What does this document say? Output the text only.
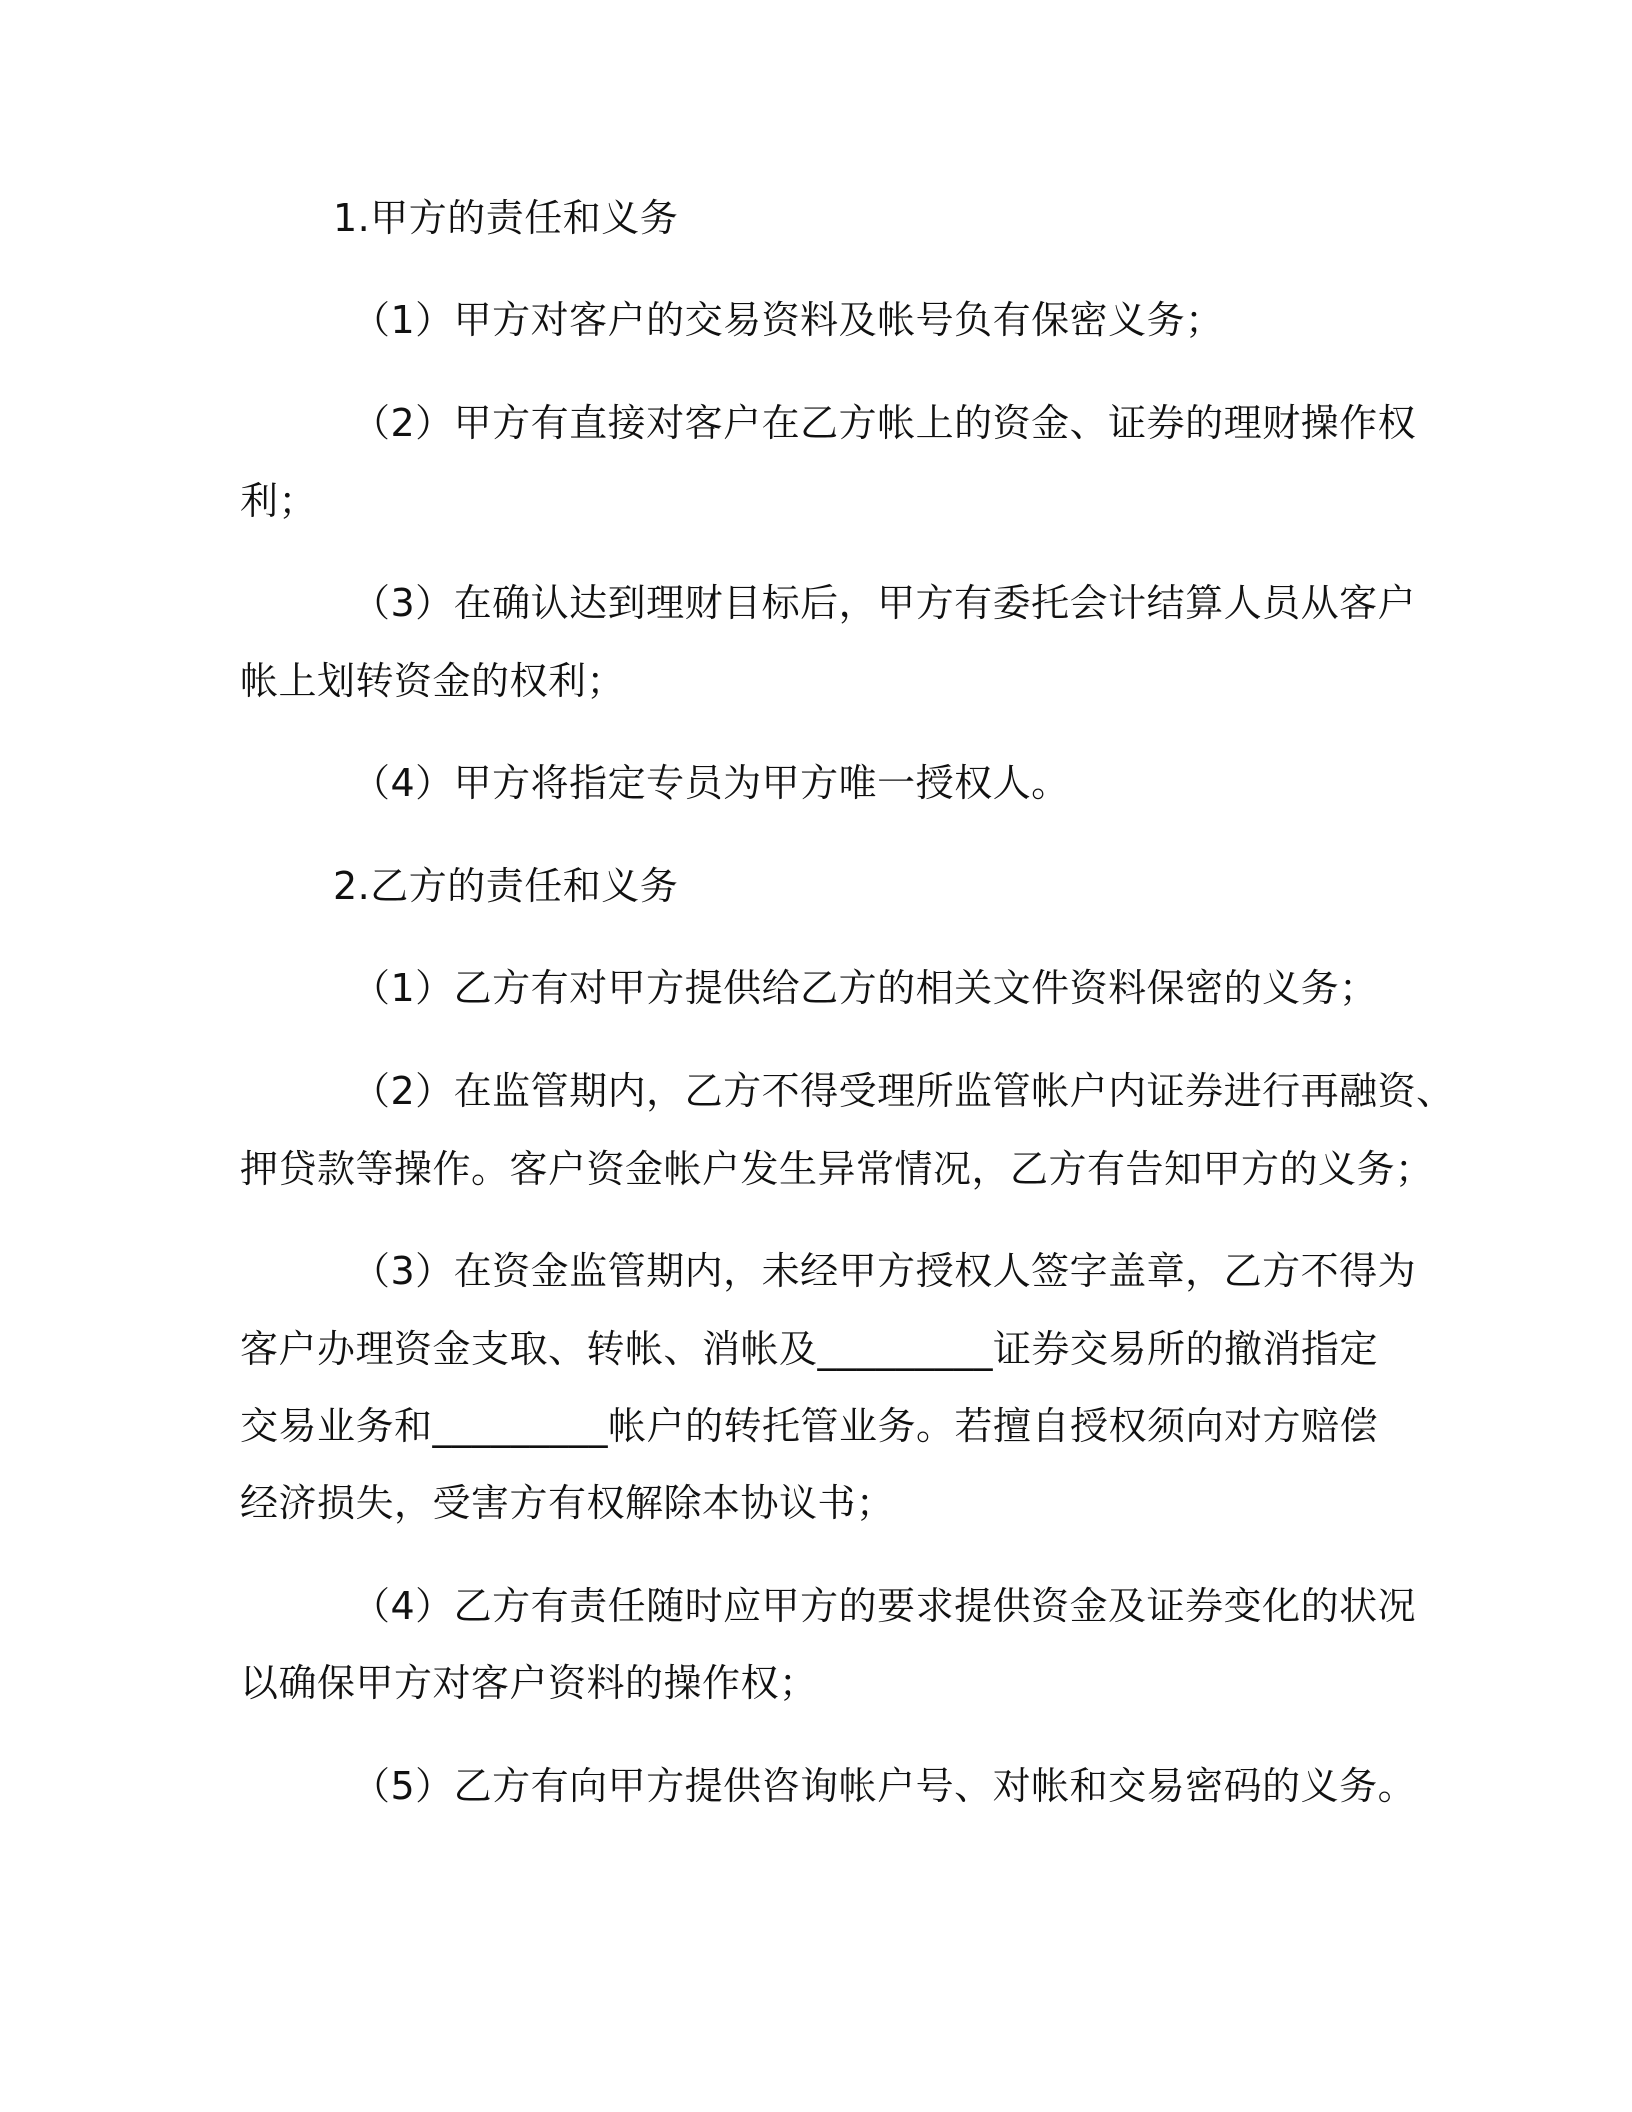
1.甲方的责任和义务
（1）甲方对客户的交易资料及帐号负有保密义务；
（2）甲方有直接对客户在乙方帐上的资金、证券的理财操作权
利；
（3）在确认达到理财目标后，甲方有委托会计结算人员从客户
帐上划转资金的权利；
（4）甲方将指定专员为甲方唯一授权人。
2.乙方的责任和义务
（1）乙方有对甲方提供给乙方的相关文件资料保密的义务；
（2）在监管期内，乙方不得受理所监管帐户内证券进行再融资、
押贷款等操作。客户资金帐户发生异常情况，乙方有告知甲方的义务；
（3）在资金监管期内，未经甲方授权人签字盖章，乙方不得为
客户办理资金支取、转帐、消帐及_________证券交易所的撤消指定
交易业务和_________帐户的转托管业务。若擅自授权须向对方赔偿
经济损失，受害方有权解除本协议书；
（4）乙方有责任随时应甲方的要求提供资金及证券变化的状况
以确保甲方对客户资料的操作权；
（5）乙方有向甲方提供咨询帐户号、对帐和交易密码的义务。
